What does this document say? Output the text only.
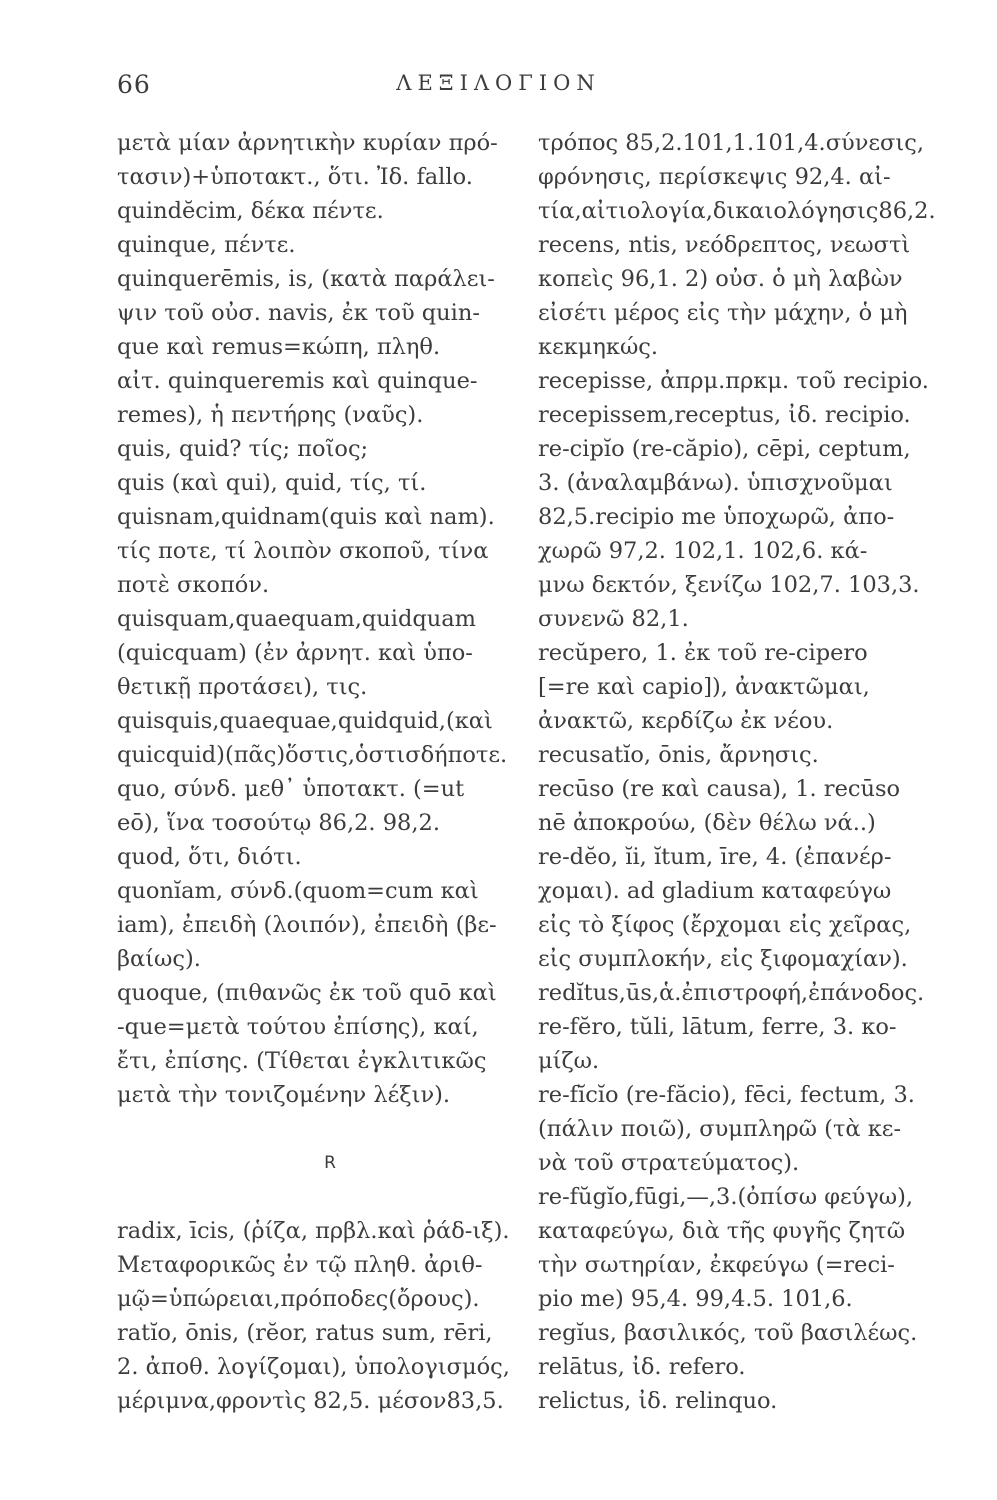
66	ΛΕΞΙΛΟΓΙΟΝ
μετὰ μίαν ἀρνητικὴν κυρίαν πρό-
τασιν)+ὑποτακτ., ὅτι. Ἰδ. fallo.
quindĕcim, δέκα πέντε.
quinque, πέντε.
quinquerēmis, is, (κατὰ παράλει-
ψιν τοῦ οὐσ. navis, ἐκ τοῦ quin-
que καὶ remus=κώπη, πληθ.
αἰτ. quinqueremis καὶ quinque-
remes), ἡ πεντήρης (ναῦς).
quis, quid? τίς; ποῖος;
quis (καὶ qui), quid, τίς, τί.
quisnam,quidnam(quis καὶ nam).
τίς ποτε, τί λοιπὸν σκοποῦ, τίνα
ποτὲ σκοπόν.
quisquam,quaequam,quidquam
(quicquam) (ἐν ἀρνητ. καὶ ὑπο-
θετικῇ προτάσει), τις.
quisquis,quaequae,quidquid,(καὶ
quicquid)(πᾶς)ὅστις,ὁστισδήποτε.
quo, σύνδ. μεθ᾽ ὑποτακτ. (=ut
eō), ἵνα τοσούτῳ 86,2. 98,2.
quod, ὅτι, διότι.
quonĭam, σύνδ.(quom=cum καὶ
iam), ἐπειδὴ (λοιπόν), ἐπειδὴ (βε-
βαίως).
quoque, (πιθανῶς ἐκ τοῦ quō καὶ
-que=μετὰ τούτου ἐπίσης), καί,
ἔτι, ἐπίσης. (Τίθεται ἐγκλιτικῶς
μετὰ τὴν τονιζομένην λέξιν).
R
radix, īcis, (ῥίζα, πρβλ.καὶ ῥάδ-ιξ).
Μεταφορικῶς ἐν τῷ πληθ. ἀριθ-
μῷ=ὑπώρειαι,πρόποδες(ὄρους).
ratĭo, ōnis, (rĕor, ratus sum, rēri,
2. ἀποθ. λογίζομαι), ὑπολογισμός,
μέριμνα,φροντὶς 82,5. μέσον83,5.
τρόπος 85,2.101,1.101,4.σύνεσις,
φρόνησις, περίσκεψις 92,4. αἰ-
τία,αἰτιολογία,δικαιολόγησις86,2.
recens, ntis, νεόδρεπτος, νεωστὶ
κοπεὶς 96,1. 2) οὐσ. ὁ μὴ λαβὼν
εἰσέτι μέρος εἰς τὴν μάχην, ὁ μὴ
κεκμηκώς.
recepisse, ἀπρμ.πρκμ. τοῦ recipio.
recepissem,receptus, ἰδ. recipio.
re-cipĭo (re-căpio), cēpi, ceptum,
3. (ἀναλαμβάνω). ὑπισχνοῦμαι
82,5.recipio me ὑποχωρῶ, ἀπο-
χωρῶ 97,2. 102,1. 102,6. κά-
μνω δεκτόν, ξενίζω 102,7. 103,3.
συνενῶ 82,1.
recŭpero, 1. ἐκ τοῦ re-cipero
[=re καὶ capio]), ἀνακτῶμαι,
ἀνακτῶ, κερδίζω ἐκ νέου.
recusatĭo, ōnis, ἄρνησις.
recūso (re καὶ causa), 1. recūso
nē ἀποκρούω, (δὲν θέλω νά..)
re-dĕo, ĭi, ĭtum, īre, 4. (ἐπανέρ-
χομαι). ad gladium καταφεύγω
εἰς τὸ ξίφος (ἔρχομαι εἰς χεῖρας,
εἰς συμπλοκήν, εἰς ξιφομαχίαν).
redĭtus,ūs,ἁ.ἐπιστροφή,ἐπάνοδος.
re-fĕro, tŭli, lātum, ferre, 3. κο-
μίζω.
re-fĭcĭo (re-făcio), fēci, fectum, 3.
(πάλιν ποιῶ), συμπληρῶ (τὰ κε-
νὰ τοῦ στρατεύματος).
re-fŭgĭo,fūgi,—,3.(ὀπίσω φεύγω),
καταφεύγω, διὰ τῆς φυγῆς ζητῶ
τὴν σωτηρίαν, ἐκφεύγω (=reci-
pio me) 95,4. 99,4.5. 101,6.
regĭus, βασιλικός, τοῦ βασιλέως.
relātus, ἰδ. refero.
relictus, ἰδ. relinquo.
